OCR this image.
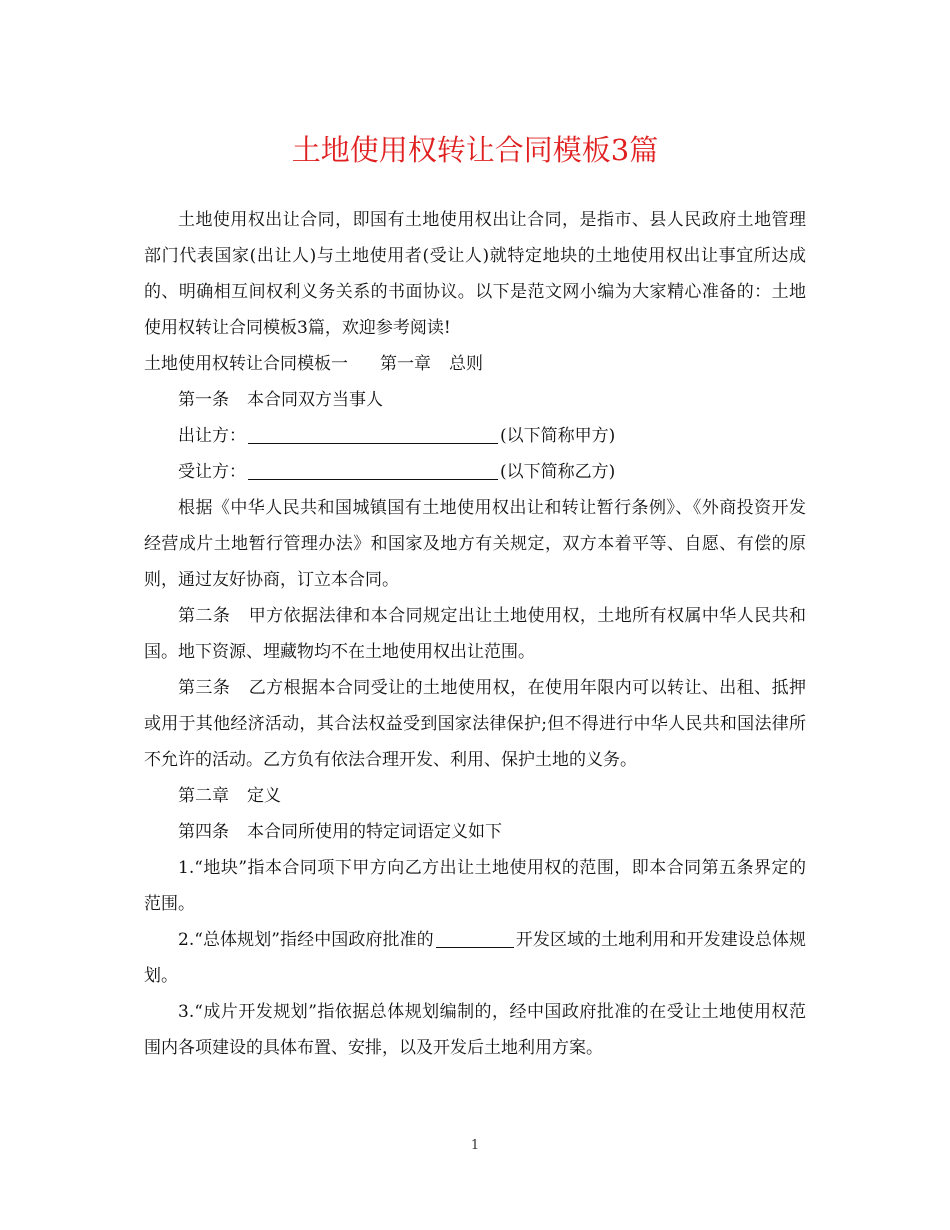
土地使用权转让合同模板3篇

土地使用权出让合同，即国有土地使用权出让合同，是指市、县人民政府土地管理部门代表国家(出让人)与土地使用者(受让人)就特定地块的土地使用权出让事宜所达成的、明确相互间权利义务关系的书面协议。以下是范文网小编为大家精心准备的：土地使用权转让合同模板3篇，欢迎参考阅读!

土地使用权转让合同模板一 第一章 总则

第一条 本合同双方当事人

出让方：	(以下简称甲方)

受让方：	(以下简称乙方)

根据《中华人民共和国城镇国有土地使用权出让和转让暂行条例》、《外商投资开发经营成片土地暂行管理办法》和国家及地方有关规定，双方本着平等、自愿、有偿的原则，通过友好协商，订立本合同。

第二条 甲方依据法律和本合同规定出让土地使用权，土地所有权属中华人民共和国。地下资源、埋藏物均不在土地使用权出让范围。

第三条 乙方根据本合同受让的土地使用权，在使用年限内可以转让、出租、抵押或用于其他经济活动，其合法权益受到国家法律保护;但不得进行中华人民共和国法律所不允许的活动。乙方负有依法合理开发、利用、保护土地的义务。

第二章 定义

第四条 本合同所使用的特定词语定义如下

1.“地块”指本合同项下甲方向乙方出让土地使用权的范围，即本合同第五条界定的范围。

2.“总体规划”指经中国政府批准的	开发区域的土地利用和开发建设总体规划。

3.“成片开发规划”指依据总体规划编制的，经中国政府批准的在受让土地使用权范围内各项建设的具体布置、安排，以及开发后土地利用方案。

1
